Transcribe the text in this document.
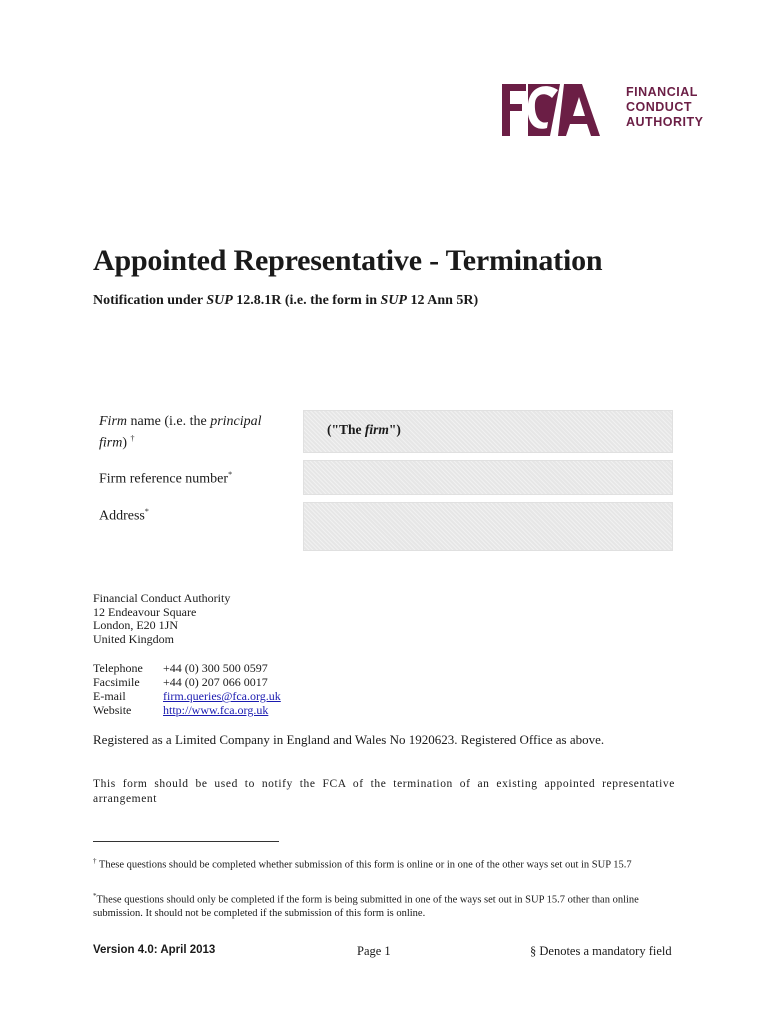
FINANCIAL
CONDUCT
AUTHORITY
Appointed Representative - Termination
Notification under SUP 12.8.1R (i.e. the form in SUP 12 Ann 5R)
Firm name (i.e. the principal
firm) †
("The firm")
Firm reference number*
Address*
Financial Conduct Authority
12 Endeavour Square
London, E20 1JN
United Kingdom
Telephone +44 (0) 300 500 0597
Facsimile +44 (0) 207 066 0017
E-mail	firm.queries@fca.org.uk
Website	http://www.fca.org.uk
Registered as a Limited Company in England and Wales No 1920623. Registered Office as above.
This form should be used to notify the FCA of the termination of an existing appointed representative arrangement
† These questions should be completed whether submission of this form is online or in one of the other ways set out in SUP 15.7
*These questions should only be completed if the form is being submitted in one of the ways set out in SUP 15.7 other than online submission. It should not be completed if the submission of this form is online.
Version 4.0: April 2013	Page 1	§ Denotes a mandatory field
